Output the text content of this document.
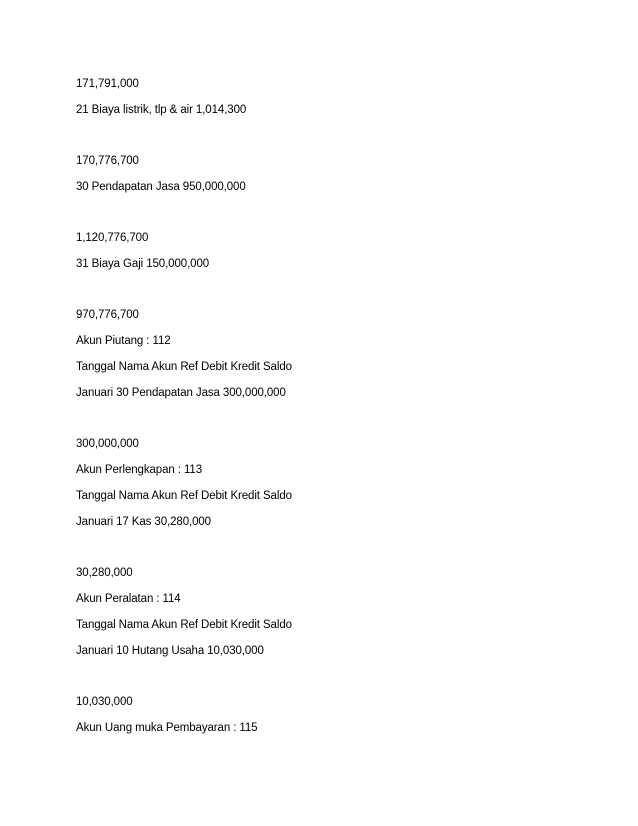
171,791,000
21 Biaya listrik, tlp & air 1,014,300
170,776,700
30 Pendapatan Jasa 950,000,000
1,120,776,700
31 Biaya Gaji 150,000,000
970,776,700
Akun Piutang : 112
Tanggal Nama Akun Ref Debit Kredit Saldo
Januari 30 Pendapatan Jasa 300,000,000
300,000,000
Akun Perlengkapan : 113
Tanggal Nama Akun Ref Debit Kredit Saldo
Januari 17 Kas 30,280,000
30,280,000
Akun Peralatan : 114
Tanggal Nama Akun Ref Debit Kredit Saldo
Januari 10 Hutang Usaha 10,030,000
10,030,000
Akun Uang muka Pembayaran : 115
